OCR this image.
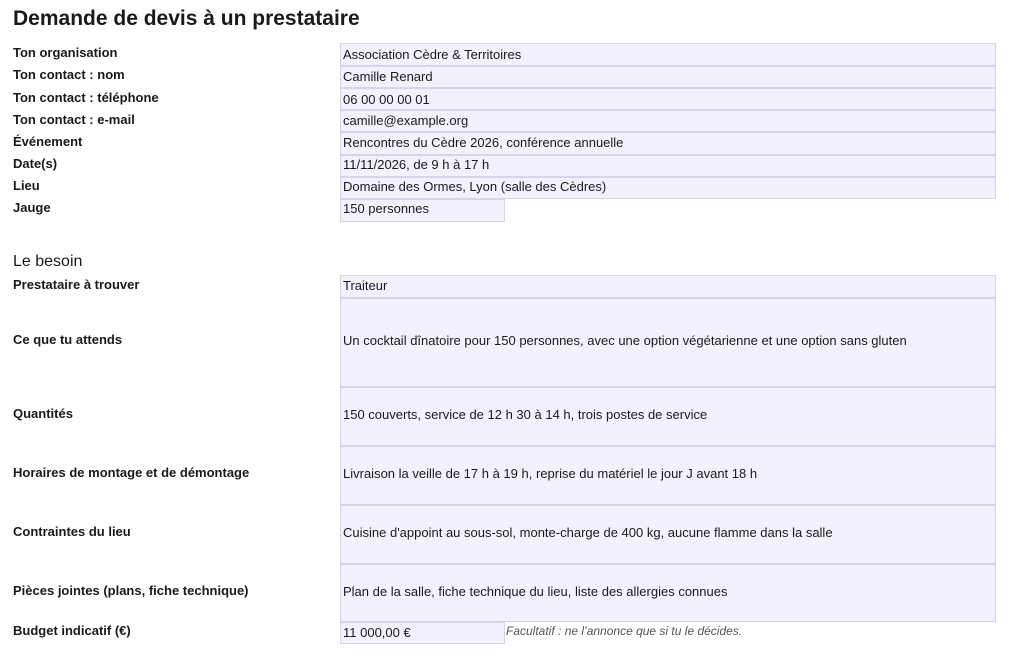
Demande de devis à un prestataire
Ton organisation	Association Cèdre & Territoires
Ton contact : nom	Camille Renard
Ton contact : téléphone	06 00 00 00 01
Ton contact : e-mail	camille@example.org
Événement	Rencontres du Cèdre 2026, conférence annuelle
Date(s)	11/11/2026, de 9 h à 17 h
Lieu	Domaine des Ormes, Lyon (salle des Cèdres)
Jauge	150 personnes
Le besoin
Prestataire à trouver	Traiteur
Ce que tu attends	Un cocktail dînatoire pour 150 personnes, avec une option végétarienne et une option sans gluten
Quantités	150 couverts, service de 12 h 30 à 14 h, trois postes de service
Horaires de montage et de démontage	Livraison la veille de 17 h à 19 h, reprise du matériel le jour J avant 18 h
Contraintes du lieu	Cuisine d'appoint au sous-sol, monte-charge de 400 kg, aucune flamme dans la salle
Pièces jointes (plans, fiche technique)	Plan de la salle, fiche technique du lieu, liste des allergies connues
Budget indicatif (€)	11 000,00 €	Facultatif : ne l’annonce que si tu le décides.
